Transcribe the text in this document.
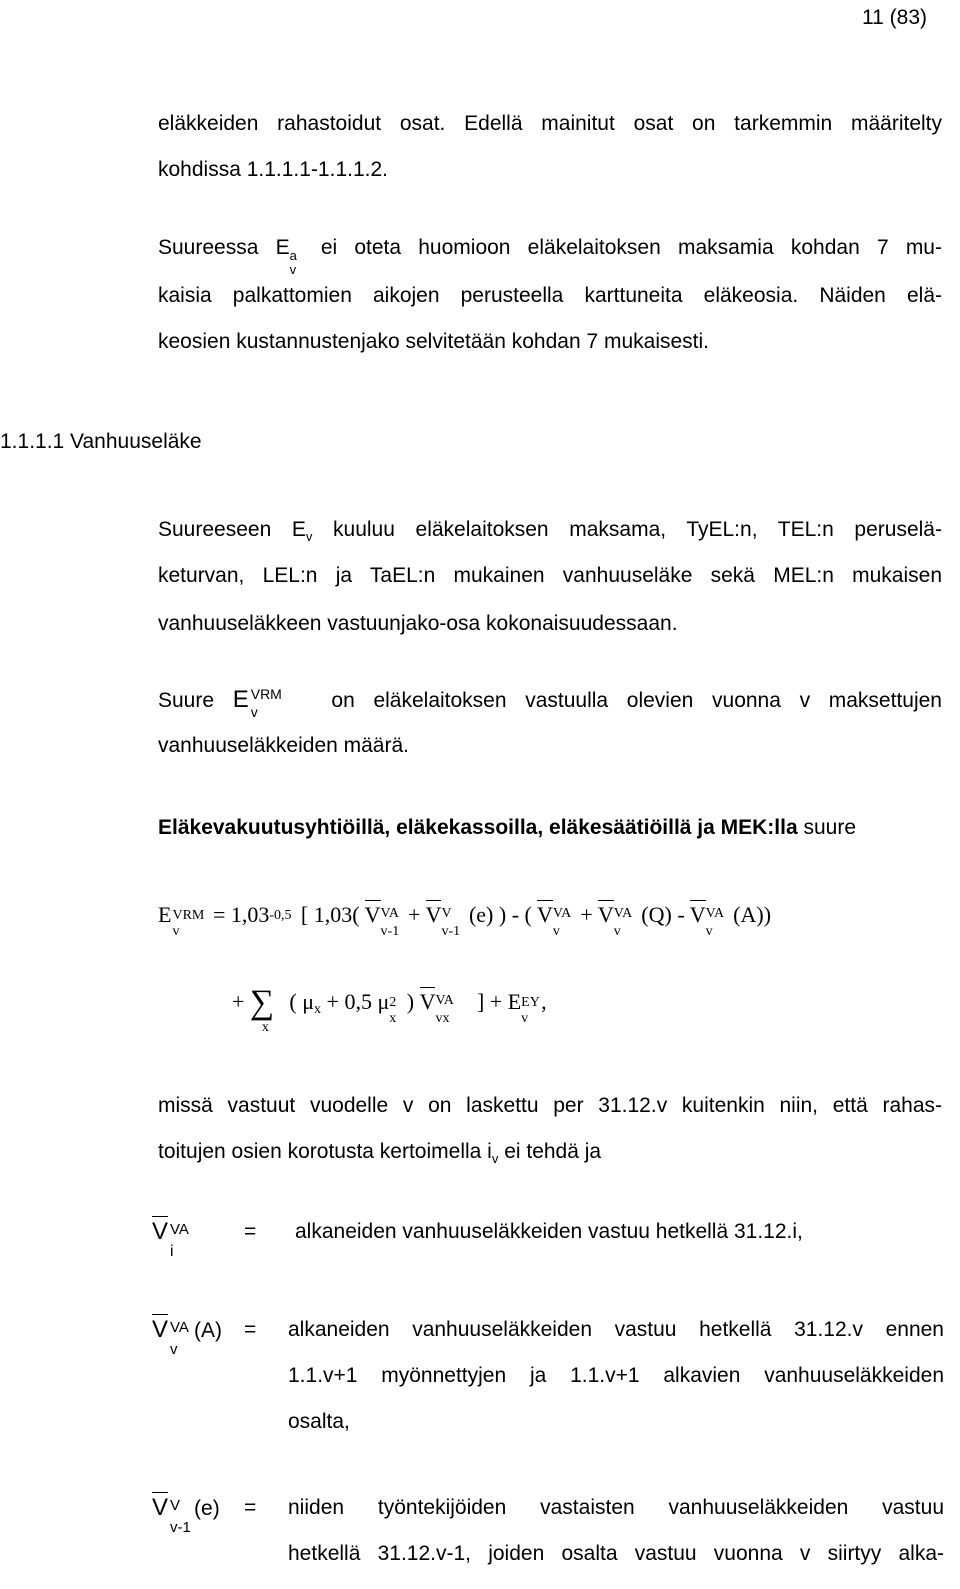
11 (83)
eläkkeiden rahastoidut osat. Edellä mainitut osat on tarkemmin määritelty
kohdissa 1.1.1.1-1.1.1.2.
Suureessa E a
v
ei oteta huomioon eläkelaitoksen maksamia kohdan 7 mu-
kaisia palkattomien aikojen perusteella karttuneita eläkeosia. Näiden elä-
keosien kustannustenjako selvitetään kohdan 7 mukaisesti.
1.1.1.1 Vanhuuseläke
Suureeseen $E_v$ kuuluu eläkelaitoksen maksama, TyEL:n, TEL:n peruselä-
keturvan, LEL:n ja TaEL:n mukainen vanhuuseläke sekä MEL:n mukaisen
vanhuuseläkkeen vastuunjako-osa kokonaisuudessaan.
Suure E VRM
v	on eläkelaitoksen vastuulla olevien vuonna v maksettujen
vanhuuseläkkeiden määrä.
Eläkevakuutusyhtiöillä, eläkekassoilla, eläkesäätiöillä ja MEK:lla suure
E VRM
v
= 1,03 -0,5 [ 1,03( V VA
v-1
+ V V
v-1
(e) ) - ( V VA
v
+ V VA
v
(Q) - V VA
v
(A))
+ ∑
x
( μx + 0,5 μ 2
x
) V VA
vx
] + E EY
v
,
missä vastuut vuodelle v on laskettu per 31.12.v kuitenkin niin, että rahas-
toitujen osien korotusta kertoimella $i_v$ ei tehdä ja
V VA
i
= alkaneiden vanhuuseläkkeiden vastuu hetkellä 31.12.i,
V VA
v
(A) = alkaneiden vanhuuseläkkeiden vastuu hetkellä 31.12.v ennen
1.1.v+1 myönnettyjen ja 1.1.v+1 alkavien vanhuuseläkkeiden
osalta,
V V
v-1
(e) = niiden työntekijöiden vastaisten vanhuuseläkkeiden vastuu
hetkellä 31.12.v-1, joiden osalta vastuu vuonna v siirtyy alka-
